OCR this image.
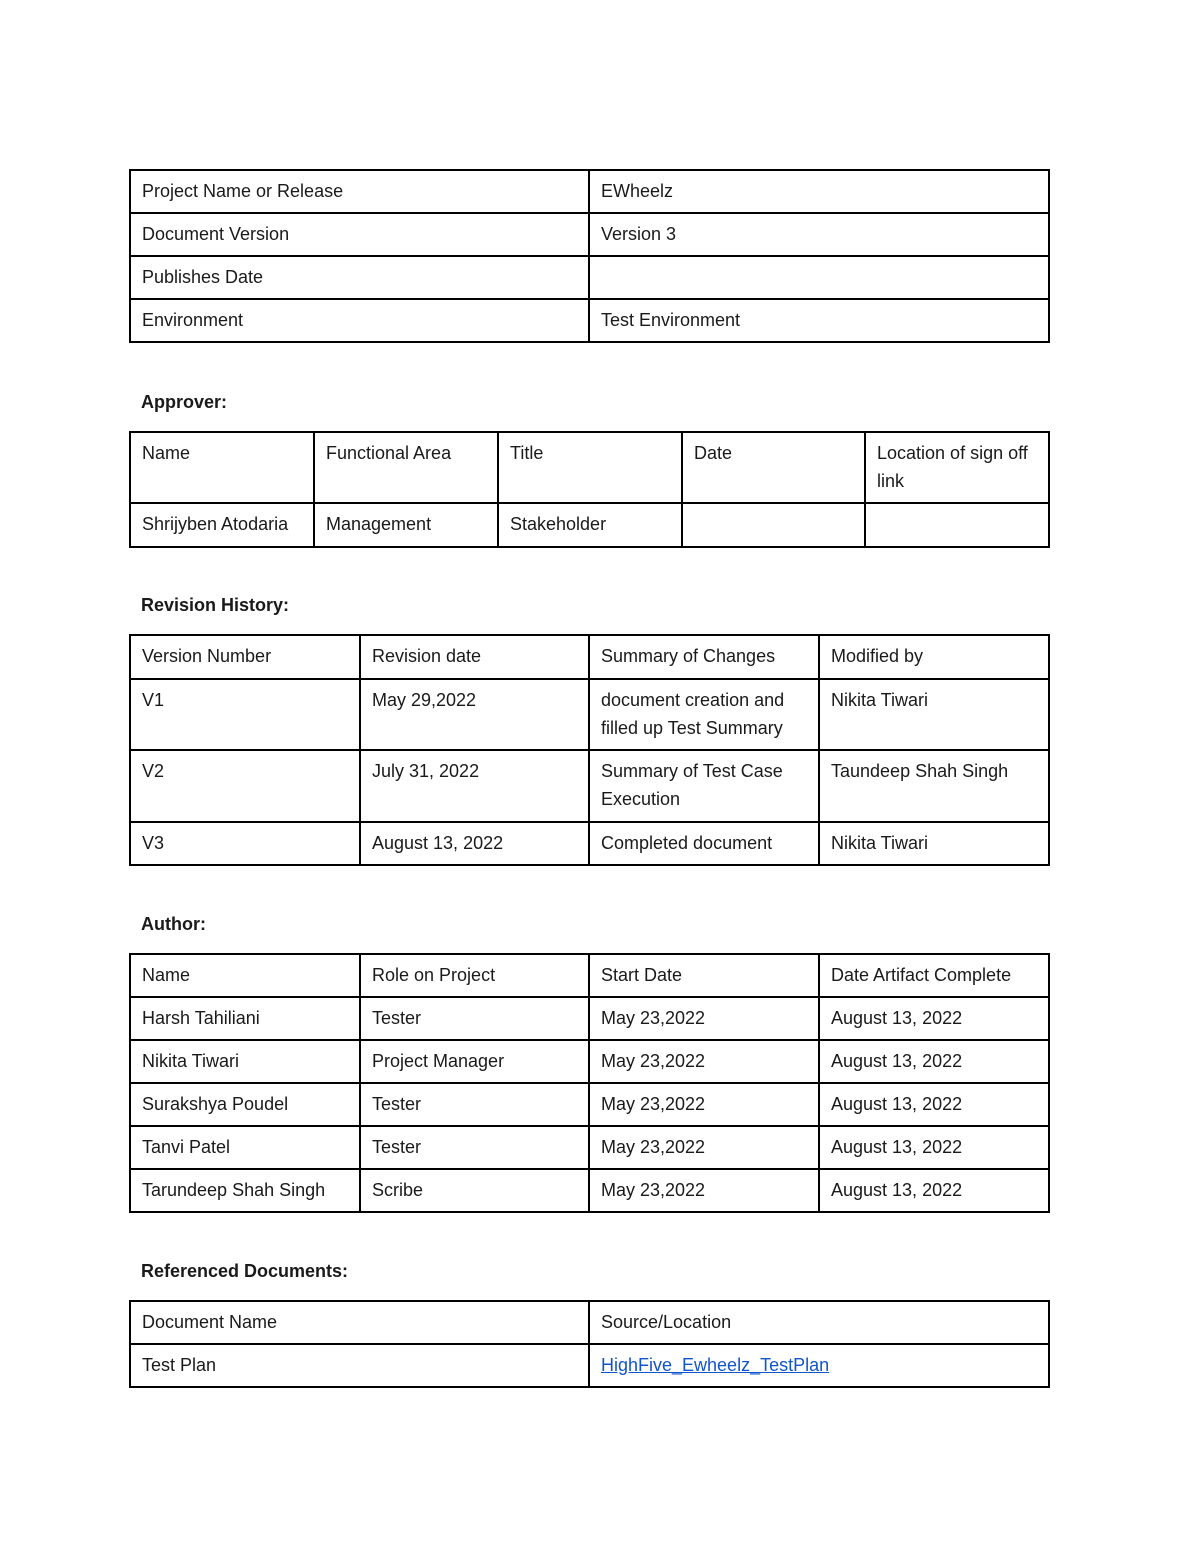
Project Name or Release	EWheelz
Document Version	Version 3
Publishes Date	
Environment	Test Environment
Approver:
Name	Functional Area	Title	Date	Location of sign off link
Shrijyben Atodaria	Management	Stakeholder		
Revision History:
Version Number	Revision date	Summary of Changes	Modified by
V1	May 29,2022	document creation and filled up Test Summary	Nikita Tiwari
V2	July 31, 2022	Summary of Test Case Execution	Taundeep Shah Singh
V3	August 13, 2022	Completed document	Nikita Tiwari
Author:
Name	Role on Project	Start Date	Date Artifact Complete
Harsh Tahiliani	Tester	May 23,2022	August 13, 2022
Nikita Tiwari	Project Manager	May 23,2022	August 13, 2022
Surakshya Poudel	Tester	May 23,2022	August 13, 2022
Tanvi Patel	Tester	May 23,2022	August 13, 2022
Tarundeep Shah Singh	Scribe	May 23,2022	August 13, 2022
Referenced Documents:
Document Name	Source/Location
Test Plan	HighFive_Ewheelz_TestPlan
